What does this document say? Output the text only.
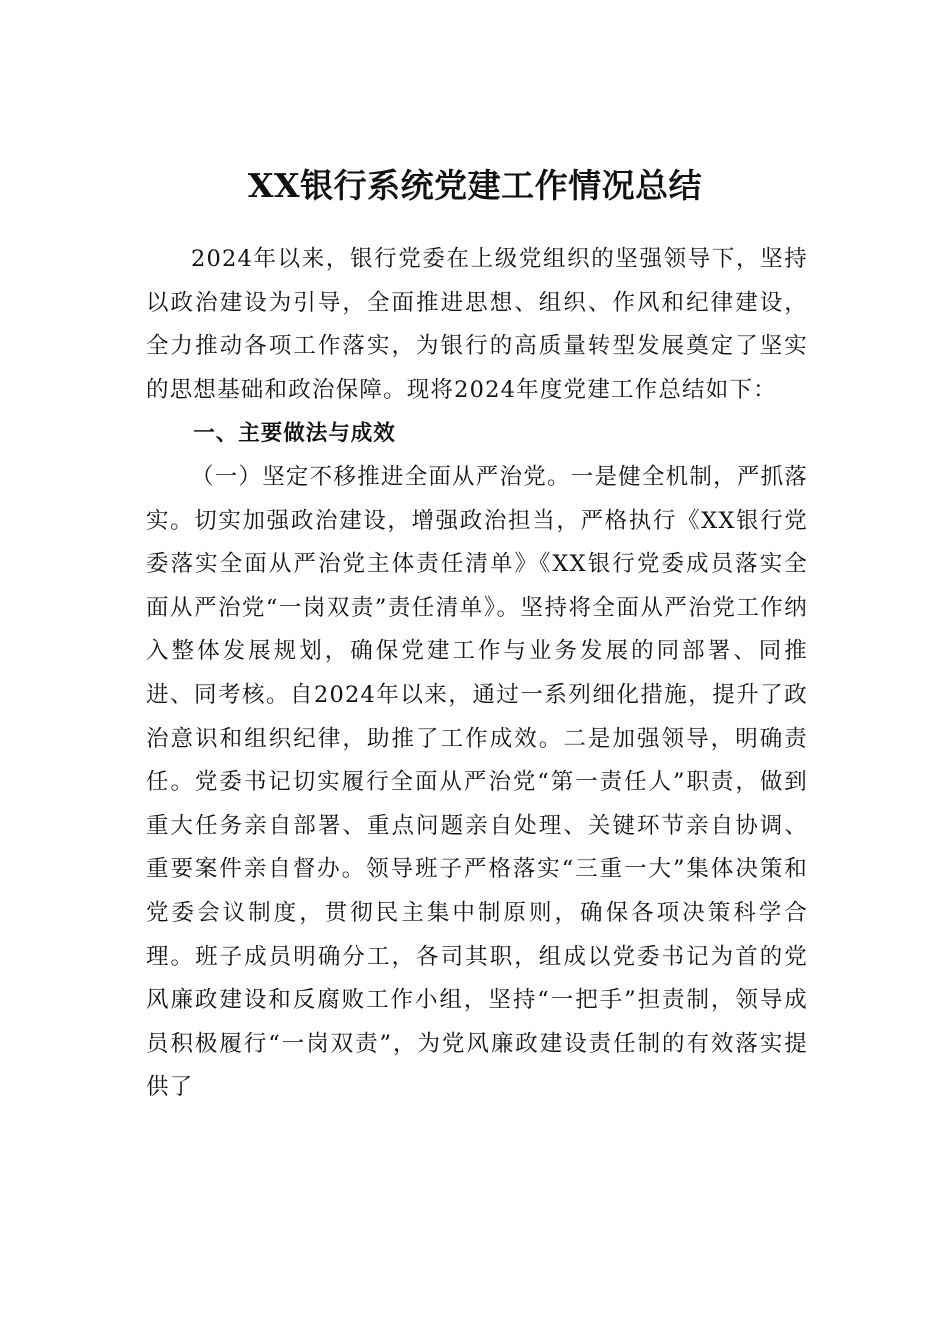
XX银行系统党建工作情况总结

2024年以来，银行党委在上级党组织的坚强领导下，坚持以政治建设为引导，全面推进思想、组织、作风和纪律建设，全力推动各项工作落实，为银行的高质量转型发展奠定了坚实的思想基础和政治保障。现将2024年度党建工作总结如下：

一、主要做法与成效

（一）坚定不移推进全面从严治党。一是健全机制，严抓落实。切实加强政治建设，增强政治担当，严格执行《XX银行党委落实全面从严治党主体责任清单》《XX银行党委成员落实全面从严治党“一岗双责”责任清单》。坚持将全面从严治党工作纳入整体发展规划，确保党建工作与业务发展的同部署、同推进、同考核。自2024年以来，通过一系列细化措施，提升了政治意识和组织纪律，助推了工作成效。二是加强领导，明确责任。党委书记切实履行全面从严治党“第一责任人”职责，做到重大任务亲自部署、重点问题亲自处理、关键环节亲自协调、重要案件亲自督办。领导班子严格落实“三重一大”集体决策和党委会议制度，贯彻民主集中制原则，确保各项决策科学合理。班子成员明确分工，各司其职，组成以党委书记为首的党风廉政建设和反腐败工作小组，坚持“一把手”担责制，领导成员积极履行“一岗双责”，为党风廉政建设责任制的有效落实提供了
